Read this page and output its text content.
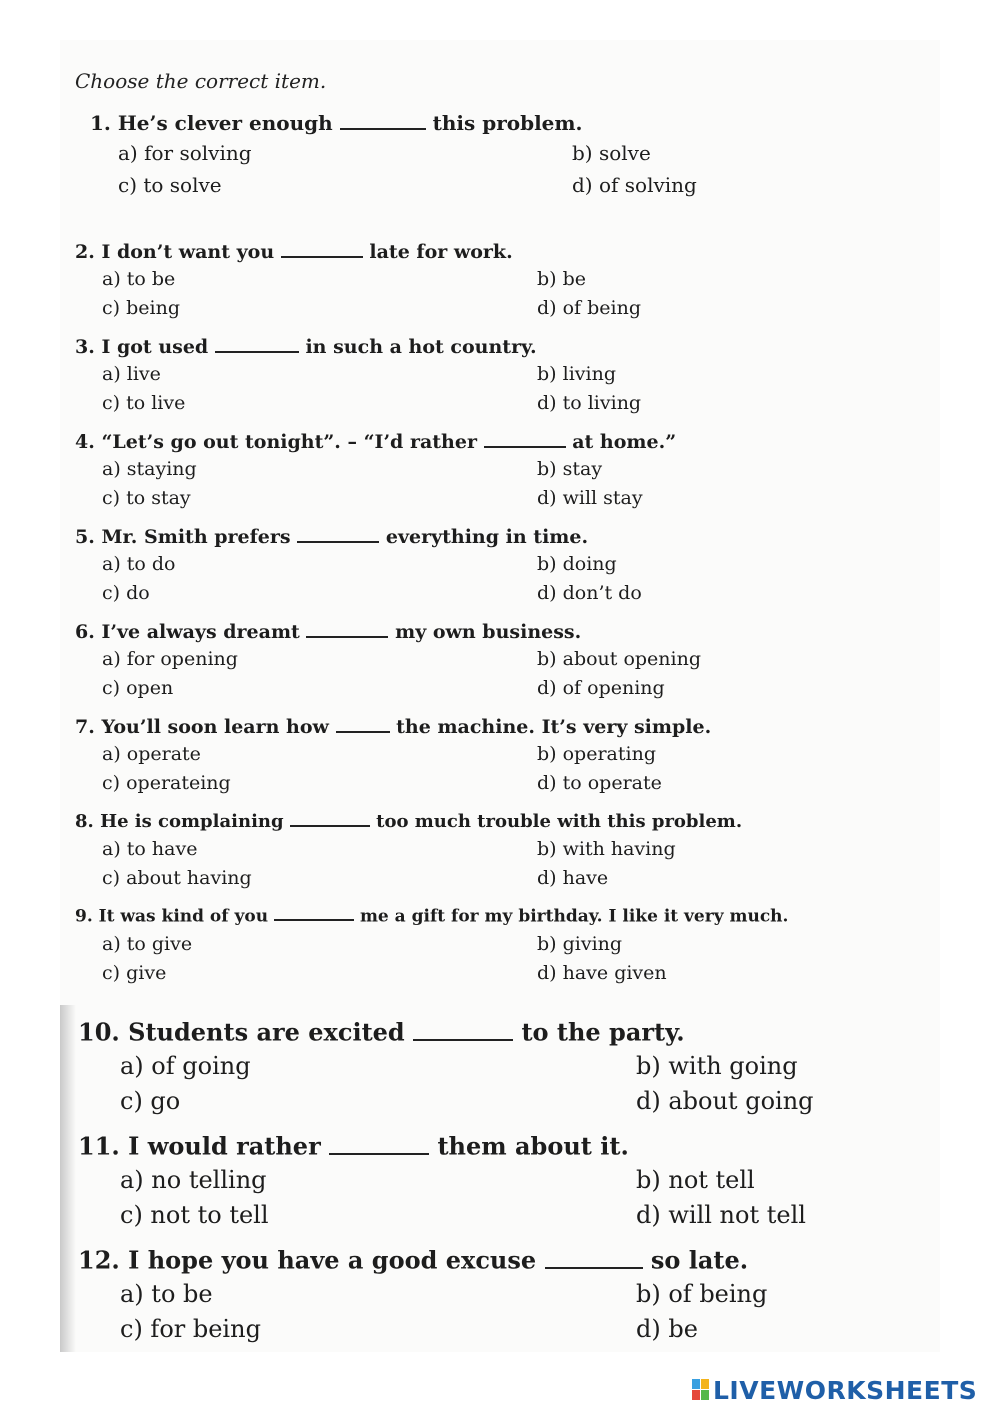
Choose the correct item.
1. He’s clever enough	this problem.
a) for solving	b) solve
c) to solve	d) of solving
2. I don’t want you	late for work.
a) to be	b) be
c) being	d) of being
3. I got used	in such a hot country.
a) live	b) living
c) to live	d) to living
4. “Let’s go out tonight”. – “I’d rather	at home.”
a) staying	b) stay
c) to stay	d) will stay
5. Mr. Smith prefers	everything in time.
a) to do	b) doing
c) do	d) don’t do
6. I’ve always dreamt	my own business.
a) for opening	b) about opening
c) open	d) of opening
7. You’ll soon learn how	the machine. It’s very simple.
a) operate	b) operating
c) operateing	d) to operate
8. He is complaining	too much trouble with this problem.
a) to have	b) with having
c) about having	d) have
9. It was kind of you	me a gift for my birthday. I like it very much.
a) to give	b) giving
c) give	d) have given
10. Students are excited	to the party.
a) of going	b) with going
c) go	d) about going
11. I would rather	them about it.
a) no telling	b) not tell
c) not to tell	d) will not tell
12. I hope you have a good excuse	so late.
a) to be	b) of being
c) for being	d) be
LIVEWORKSHEETS
